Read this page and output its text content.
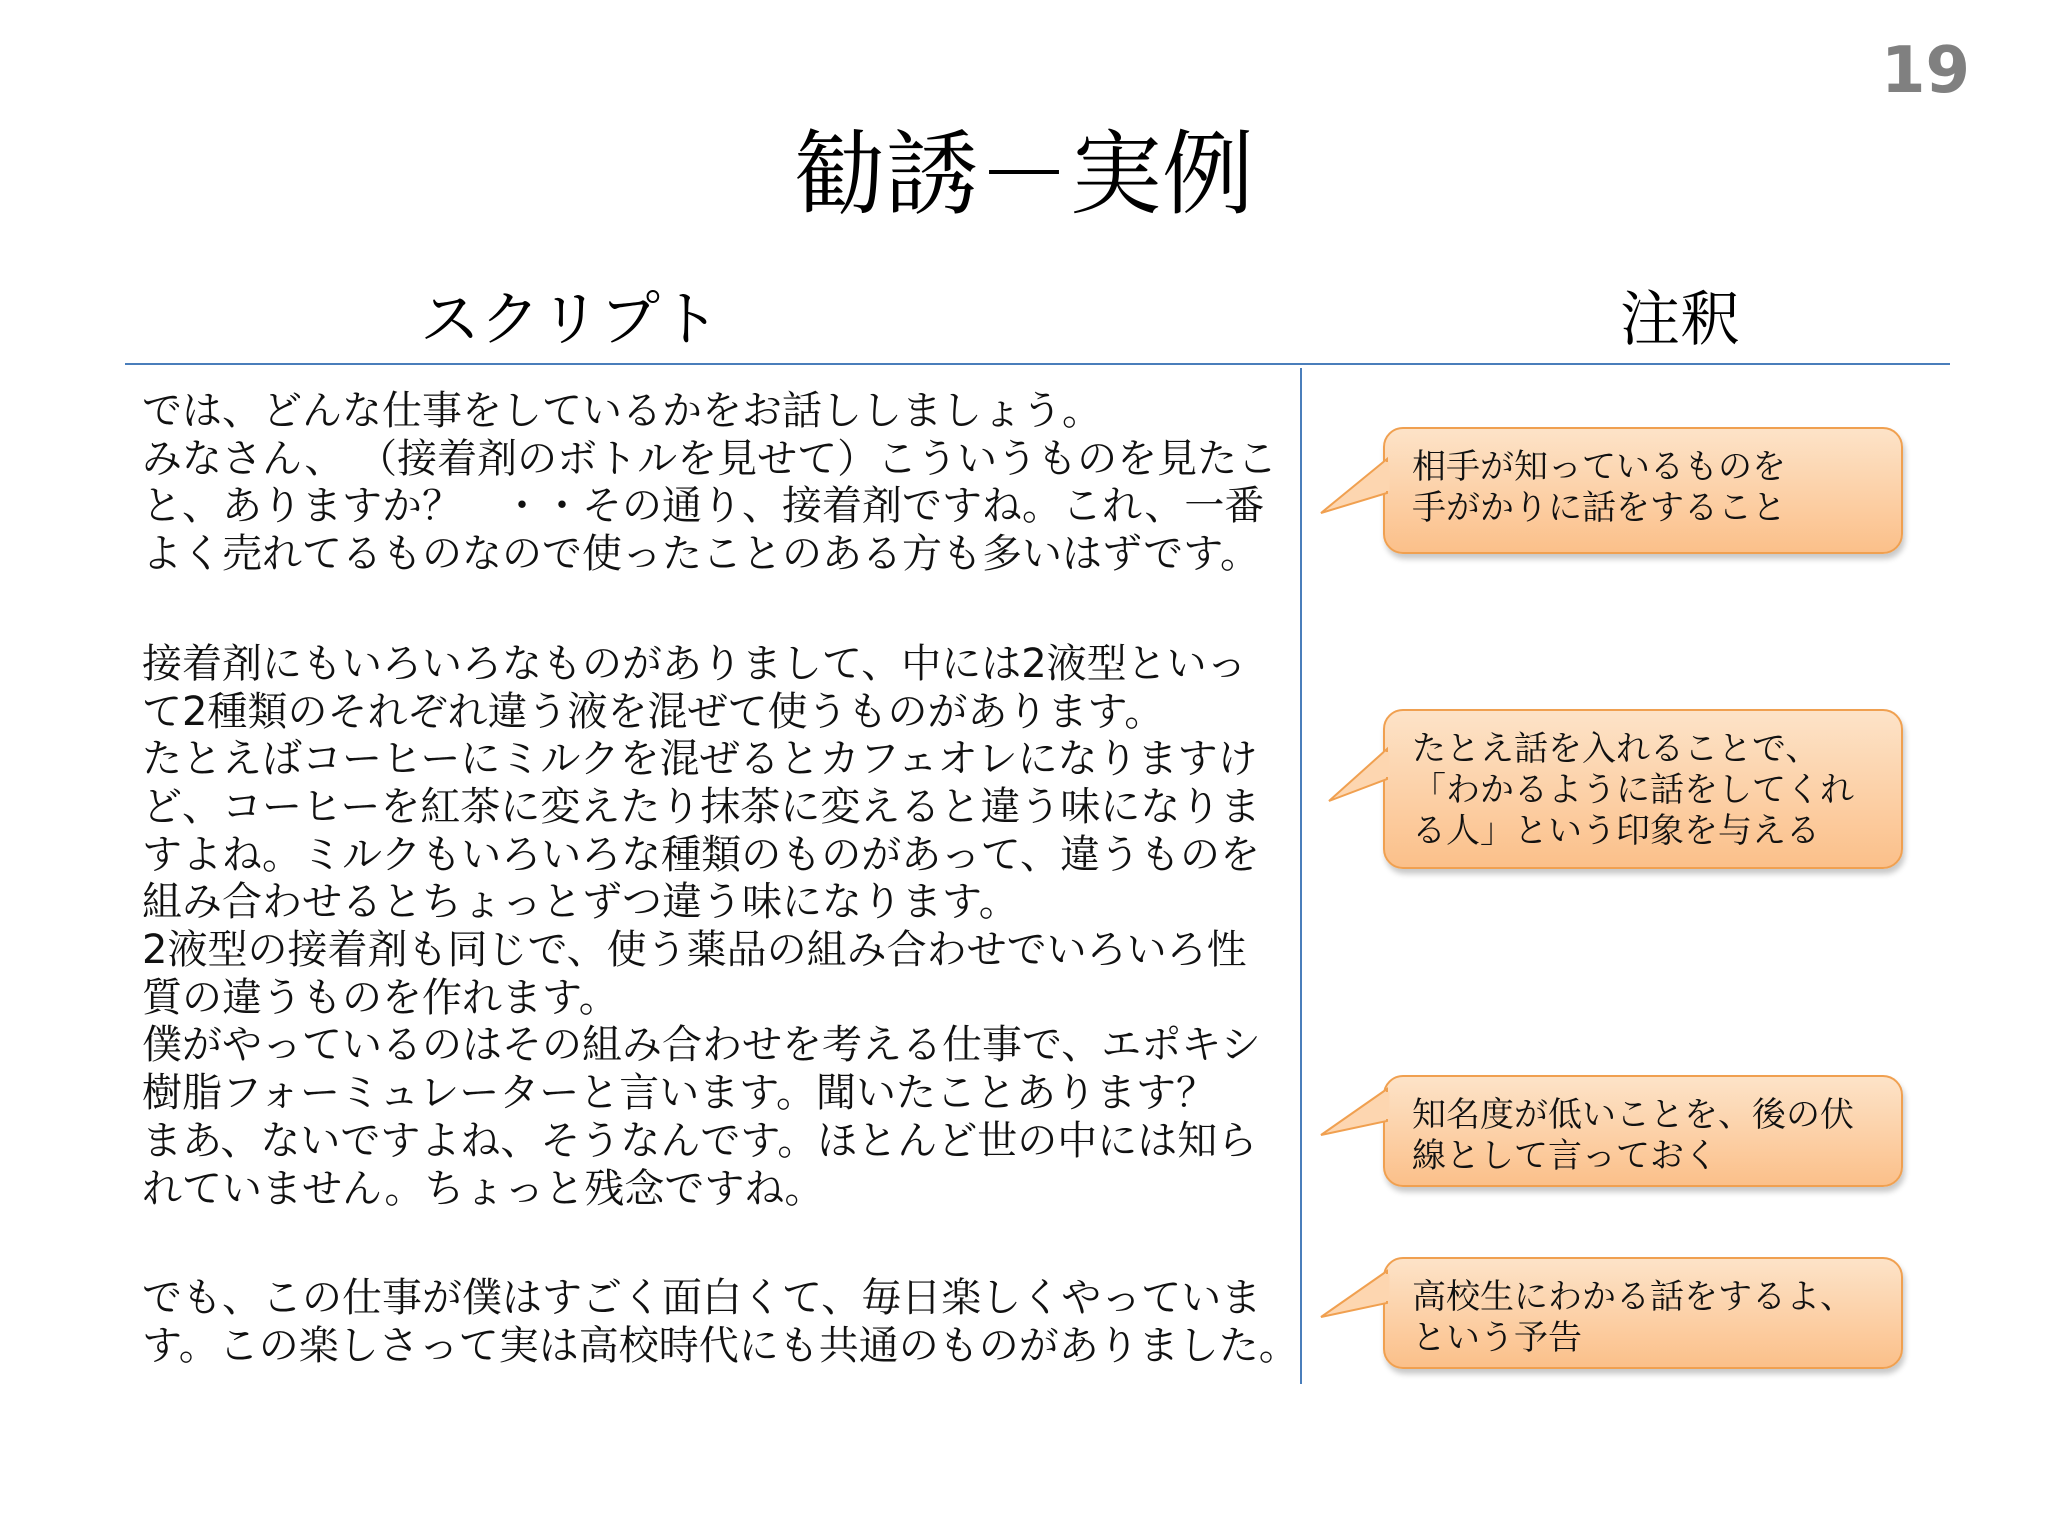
19
勧誘－実例
スクリプト	注釈
では、どんな仕事をしているかをお話ししましょう。
みなさん、 （接着剤のボトルを見せて）こういうものを見たこ
と、ありますか？　・・その通り、接着剤ですね。これ、一番
よく売れてるものなので使ったことのある方も多いはずです。
接着剤にもいろいろなものがありまして、中には2液型といっ
て2種類のそれぞれ違う液を混ぜて使うものがあります。
たとえばコーヒーにミルクを混ぜるとカフェオレになりますけ
ど、コーヒーを紅茶に変えたり抹茶に変えると違う味になりま
すよね。ミルクもいろいろな種類のものがあって、違うものを
組み合わせるとちょっとずつ違う味になります。
2液型の接着剤も同じで、使う薬品の組み合わせでいろいろ性
質の違うものを作れます。
僕がやっているのはその組み合わせを考える仕事で、エポキシ
樹脂フォーミュレーターと言います。聞いたことあります？
まあ、ないですよね、そうなんです。ほとんど世の中には知ら
れていません。ちょっと残念ですね。
でも、この仕事が僕はすごく面白くて、毎日楽しくやっていま
す。この楽しさって実は高校時代にも共通のものがありました。
相手が知っているものを
手がかりに話をすること
たとえ話を入れることで、
「わかるように話をしてくれ
る人」という印象を与える
知名度が低いことを、後の伏
線として言っておく
高校生にわかる話をするよ、
という予告
